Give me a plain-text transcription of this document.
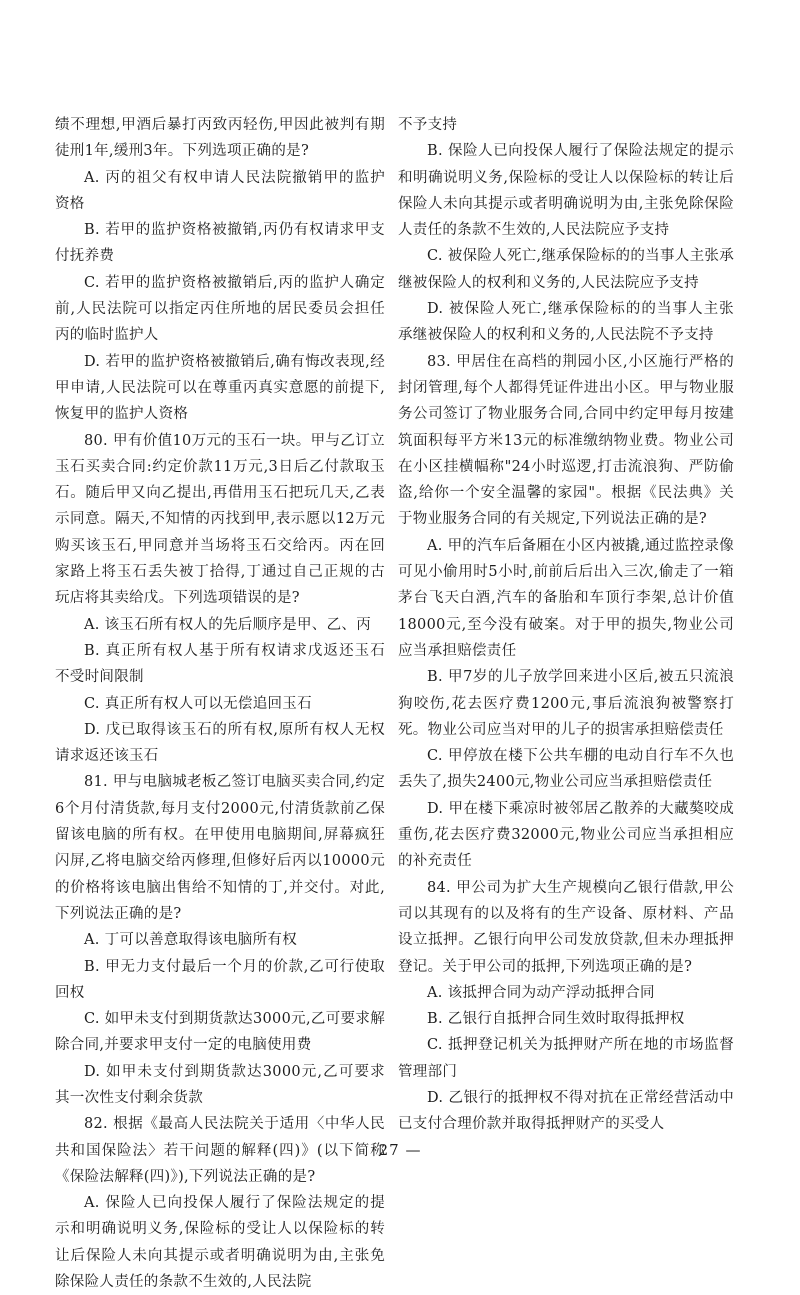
绩不理想,甲酒后暴打丙致丙轻伤,甲因此被判有期徒刑1年,缓刑3年。下列选项正确的是?

A. 丙的祖父有权申请人民法院撤销甲的监护资格

B. 若甲的监护资格被撤销,丙仍有权请求甲支付抚养费

C. 若甲的监护资格被撤销后,丙的监护人确定前,人民法院可以指定丙住所地的居民委员会担任丙的临时监护人

D. 若甲的监护资格被撤销后,确有悔改表现,经甲申请,人民法院可以在尊重丙真实意愿的前提下,恢复甲的监护人资格

80. 甲有价值10万元的玉石一块。甲与乙订立玉石买卖合同:约定价款11万元,3日后乙付款取玉石。随后甲又向乙提出,再借用玉石把玩几天,乙表示同意。隔天,不知情的丙找到甲,表示愿以12万元购买该玉石,甲同意并当场将玉石交给丙。丙在回家路上将玉石丢失被丁拾得,丁通过自己正规的古玩店将其卖给戊。下列选项错误的是?

A. 该玉石所有权人的先后顺序是甲、乙、丙

B. 真正所有权人基于所有权请求戊返还玉石不受时间限制

C. 真正所有权人可以无偿追回玉石

D. 戊已取得该玉石的所有权,原所有权人无权请求返还该玉石

81. 甲与电脑城老板乙签订电脑买卖合同,约定6个月付清货款,每月支付2000元,付清货款前乙保留该电脑的所有权。在甲使用电脑期间,屏幕疯狂闪屏,乙将电脑交给丙修理,但修好后丙以10000元的价格将该电脑出售给不知情的丁,并交付。对此,下列说法正确的是?

A. 丁可以善意取得该电脑所有权

B. 甲无力支付最后一个月的价款,乙可行使取回权

C. 如甲未支付到期货款达3000元,乙可要求解除合同,并要求甲支付一定的电脑使用费

D. 如甲未支付到期货款达3000元,乙可要求其一次性支付剩余货款

82. 根据《最高人民法院关于适用〈中华人民共和国保险法〉若干问题的解释(四)》(以下简称《保险法解释(四)》),下列说法正确的是?

A. 保险人已向投保人履行了保险法规定的提示和明确说明义务,保险标的受让人以保险标的转让后保险人未向其提示或者明确说明为由,主张免除保险人责任的条款不生效的,人民法院

不予支持

B. 保险人已向投保人履行了保险法规定的提示和明确说明义务,保险标的受让人以保险标的转让后保险人未向其提示或者明确说明为由,主张免除保险人责任的条款不生效的,人民法院应予支持

C. 被保险人死亡,继承保险标的的当事人主张承继被保险人的权利和义务的,人民法院应予支持

D. 被保险人死亡,继承保险标的的当事人主张承继被保险人的权利和义务的,人民法院不予支持

83. 甲居住在高档的荆园小区,小区施行严格的封闭管理,每个人都得凭证件进出小区。甲与物业服务公司签订了物业服务合同,合同中约定甲每月按建筑面积每平方米13元的标准缴纳物业费。物业公司在小区挂横幅称"24小时巡逻,打击流浪狗、严防偷盗,给你一个安全温馨的家园"。根据《民法典》关于物业服务合同的有关规定,下列说法正确的是?

A. 甲的汽车后备厢在小区内被撬,通过监控录像可见小偷用时5小时,前前后后出入三次,偷走了一箱茅台飞天白酒,汽车的备胎和车顶行李架,总计价值18000元,至今没有破案。对于甲的损失,物业公司应当承担赔偿责任

B. 甲7岁的儿子放学回来进小区后,被五只流浪狗咬伤,花去医疗费1200元,事后流浪狗被警察打死。物业公司应当对甲的儿子的损害承担赔偿责任

C. 甲停放在楼下公共车棚的电动自行车不久也丢失了,损失2400元,物业公司应当承担赔偿责任

D. 甲在楼下乘凉时被邻居乙散养的大藏獒咬成重伤,花去医疗费32000元,物业公司应当承担相应的补充责任

84. 甲公司为扩大生产规模向乙银行借款,甲公司以其现有的以及将有的生产设备、原材料、产品设立抵押。乙银行向甲公司发放贷款,但未办理抵押登记。关于甲公司的抵押,下列选项正确的是?

A. 该抵押合同为动产浮动抵押合同

B. 乙银行自抵押合同生效时取得抵押权

C. 抵押登记机关为抵押财产所在地的市场监督管理部门

D. 乙银行的抵押权不得对抗在正常经营活动中已支付合理价款并取得抵押财产的买受人

27 —
